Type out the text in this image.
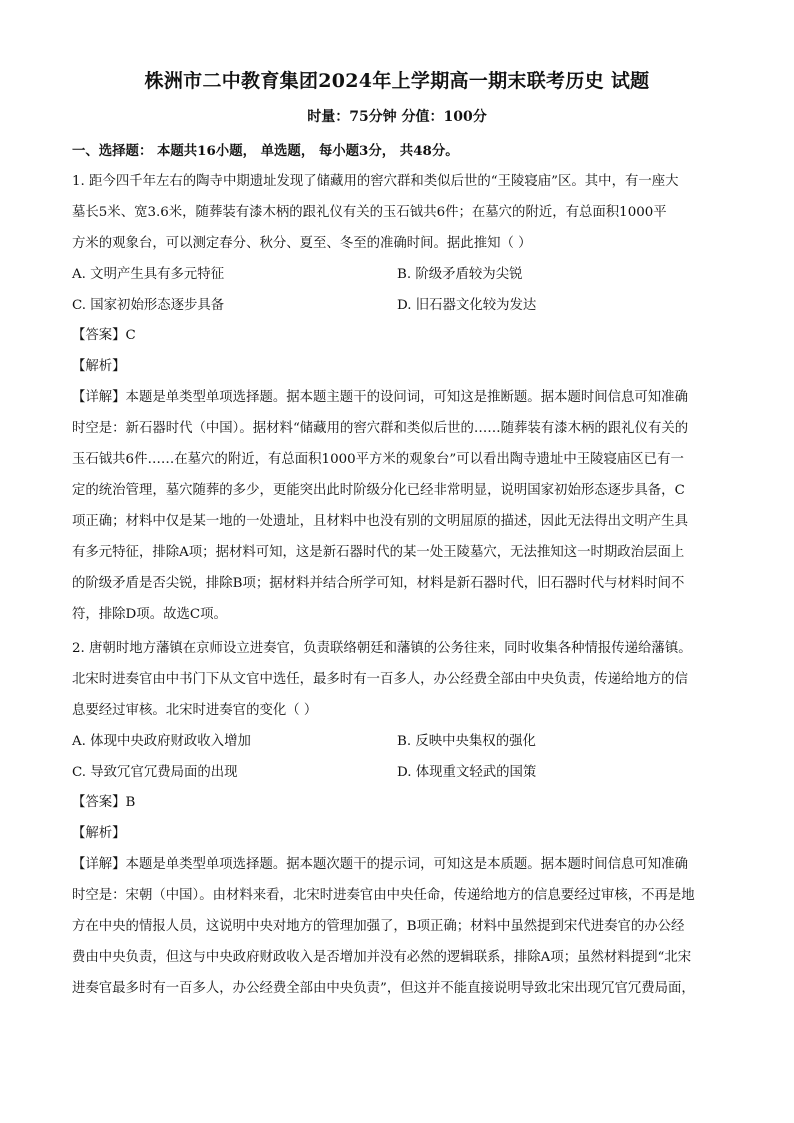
株洲市二中教育集团2024年上学期高一期末联考历史 试题
时量：75分钟 分值：100分
一、选择题： 本题共16小题， 单选题， 每小题3分， 共48分。
1. 距今四千年左右的陶寺中期遗址发现了储藏用的窖穴群和类似后世的“王陵寝庙”区。其中，有一座大
墓长5米、宽3.6米，随葬装有漆木柄的跟礼仪有关的玉石钺共6件；在墓穴的附近，有总面积1000平
方米的观象台，可以测定春分、秋分、夏至、冬至的准确时间。据此推知（ ）
A. 文明产生具有多元特征	B. 阶级矛盾较为尖锐
C. 国家初始形态逐步具备	D. 旧石器文化较为发达
【答案】C
【解析】
【详解】本题是单类型单项选择题。据本题主题干的设问词，可知这是推断题。据本题时间信息可知准确
时空是：新石器时代（中国）。据材料“储藏用的窖穴群和类似后世的……随葬装有漆木柄的跟礼仪有关的
玉石钺共6件……在墓穴的附近，有总面积1000平方米的观象台”可以看出陶寺遗址中王陵寝庙区已有一
定的统治管理，墓穴随葬的多少，更能突出此时阶级分化已经非常明显，说明国家初始形态逐步具备，C
项正确；材料中仅是某一地的一处遗址，且材料中也没有别的文明屈原的描述，因此无法得出文明产生具
有多元特征，排除A项；据材料可知，这是新石器时代的某一处王陵墓穴，无法推知这一时期政治层面上
的阶级矛盾是否尖锐，排除B项；据材料并结合所学可知，材料是新石器时代，旧石器时代与材料时间不
符，排除D项。故选C项。
2. 唐朝时地方藩镇在京师设立进奏官，负责联络朝廷和藩镇的公务往来，同时收集各种情报传递给藩镇。
北宋时进奏官由中书门下从文官中选任，最多时有一百多人，办公经费全部由中央负责，传递给地方的信
息要经过审核。北宋时进奏官的变化（ ）
A. 体现中央政府财政收入增加	B. 反映中央集权的强化
C. 导致冗官冗费局面的出现	D. 体现重文轻武的国策
【答案】B
【解析】
【详解】本题是单类型单项选择题。据本题次题干的提示词，可知这是本质题。据本题时间信息可知准确
时空是：宋朝（中国）。由材料来看，北宋时进奏官由中央任命，传递给地方的信息要经过审核，不再是地
方在中央的情报人员，这说明中央对地方的管理加强了，B项正确；材料中虽然提到宋代进奏官的办公经
费由中央负责，但这与中央政府财政收入是否增加并没有必然的逻辑联系，排除A项；虽然材料提到“北宋
进奏官最多时有一百多人，办公经费全部由中央负责”，但这并不能直接说明导致北宋出现冗官冗费局面，
